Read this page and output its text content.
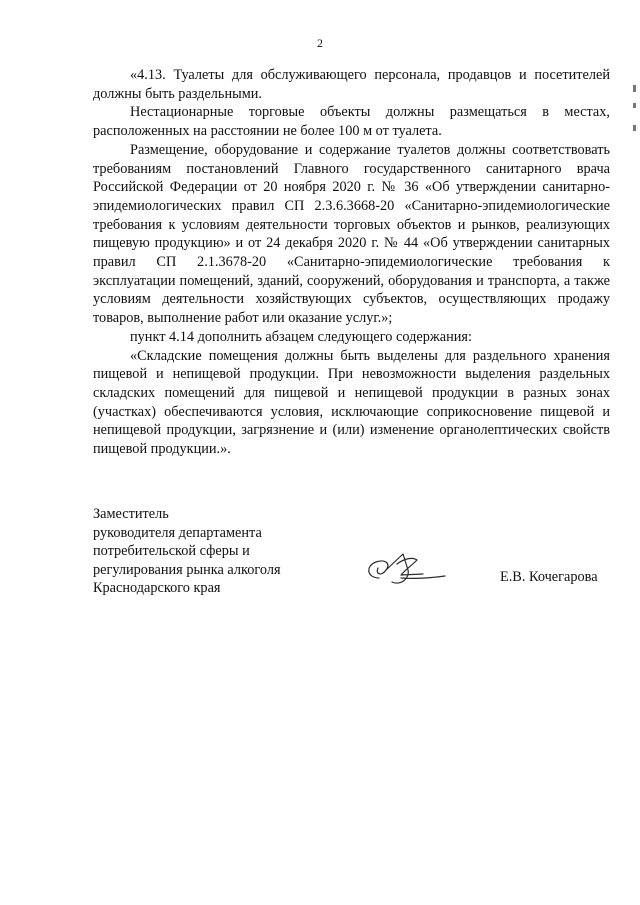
2

«4.13. Туалеты для обслуживающего персонала, продавцов и посетителей должны быть раздельными.

Нестационарные торговые объекты должны размещаться в местах, расположенных на расстоянии не более 100 м от туалета.

Размещение, оборудование и содержание туалетов должны соответствовать требованиям постановлений Главного государственного санитарного врача Российской Федерации от 20 ноября 2020 г. № 36 «Об утверждении санитарно-эпидемиологических правил СП 2.3.6.3668-20 «Санитарно-эпидемиологические требования к условиям деятельности торговых объектов и рынков, реализующих пищевую продукцию» и от 24 декабря 2020 г. № 44 «Об утверждении санитарных правил СП 2.1.3678-20 «Санитарно-эпидемиологические требования к эксплуатации помещений, зданий, сооружений, оборудования и транспорта, а также условиям деятельности хозяйствующих субъектов, осуществляющих продажу товаров, выполнение работ или оказание услуг.»;

пункт 4.14 дополнить абзацем следующего содержания:

«Складские помещения должны быть выделены для раздельного хранения пищевой и непищевой продукции. При невозможности выделения раздельных складских помещений для пищевой и непищевой продукции в разных зонах (участках) обеспечиваются условия, исключающие соприкосновение пищевой и непищевой продукции, загрязнение и (или) изменение органолептических свойств пищевой продукции.».

Заместитель
руководителя департамента
потребительской сферы и
регулирования рынка алкоголя
Краснодарского края
Е.В. Кочегарова
